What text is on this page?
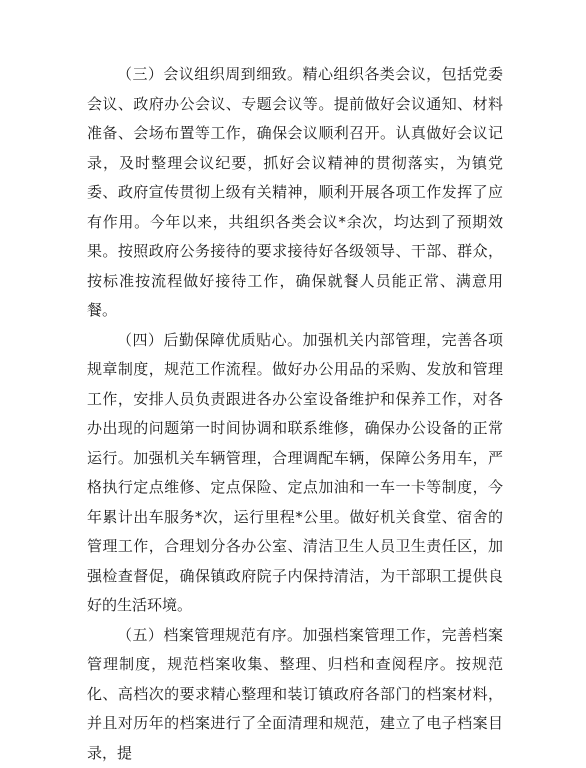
（三）会议组织周到细致。精心组织各类会议，包括党委会议、政府办公会议、专题会议等。提前做好会议通知、材料准备、会场布置等工作，确保会议顺利召开。认真做好会议记录，及时整理会议纪要，抓好会议精神的贯彻落实，为镇党委、政府宣传贯彻上级有关精神，顺利开展各项工作发挥了应有作用。今年以来，共组织各类会议*余次，均达到了预期效果。按照政府公务接待的要求接待好各级领导、干部、群众，按标准按流程做好接待工作，确保就餐人员能正常、满意用餐。

（四）后勤保障优质贴心。加强机关内部管理，完善各项规章制度，规范工作流程。做好办公用品的采购、发放和管理工作，安排人员负责跟进各办公室设备维护和保养工作，对各办出现的问题第一时间协调和联系维修，确保办公设备的正常运行。加强机关车辆管理，合理调配车辆，保障公务用车，严格执行定点维修、定点保险、定点加油和一车一卡等制度，今年累计出车服务*次，运行里程*公里。做好机关食堂、宿舍的管理工作，合理划分各办公室、清洁卫生人员卫生责任区，加强检查督促，确保镇政府院子内保持清洁，为干部职工提供良好的生活环境。

（五）档案管理规范有序。加强档案管理工作，完善档案管理制度，规范档案收集、整理、归档和查阅程序。按规范化、高档次的要求精心整理和装订镇政府各部门的档案材料，并且对历年的档案进行了全面清理和规范，建立了电子档案目录，提
